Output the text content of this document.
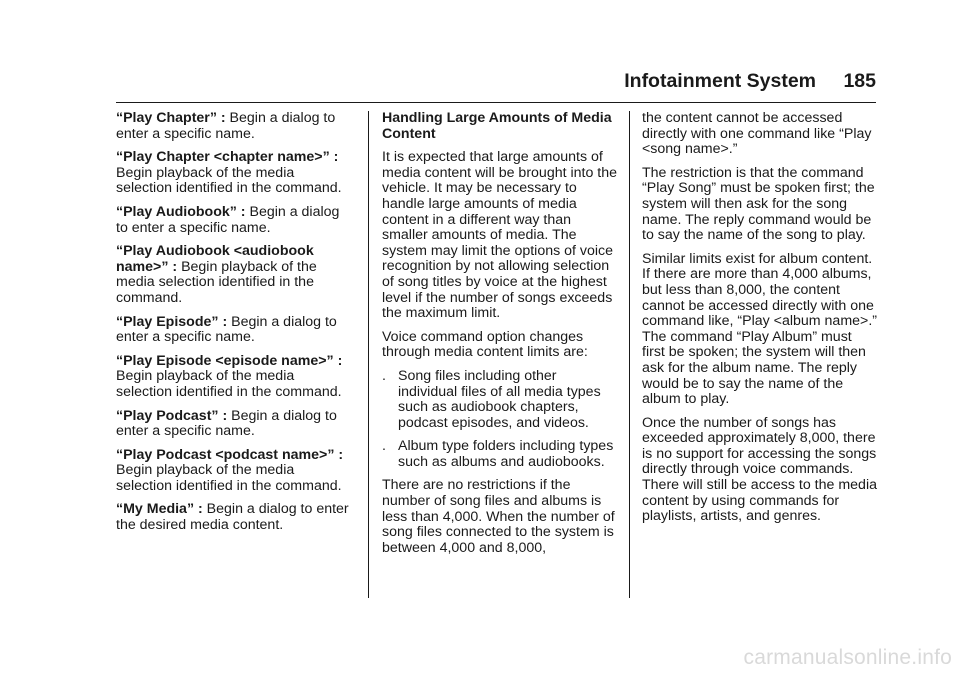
Infotainment System 185

“Play Chapter” : Begin a dialog to enter a specific name.

“Play Chapter <chapter name>” : Begin playback of the media selection identified in the command.

“Play Audiobook” : Begin a dialog to enter a specific name.

“Play Audiobook <audiobook name>” : Begin playback of the media selection identified in the command.

“Play Episode” : Begin a dialog to enter a specific name.

“Play Episode <episode name>” : Begin playback of the media selection identified in the command.

“Play Podcast” : Begin a dialog to enter a specific name.

“Play Podcast <podcast name>” : Begin playback of the media selection identified in the command.

“My Media” : Begin a dialog to enter the desired media content.

Handling Large Amounts of Media Content

It is expected that large amounts of media content will be brought into the vehicle. It may be necessary to handle large amounts of media content in a different way than smaller amounts of media. The system may limit the options of voice recognition by not allowing selection of song titles by voice at the highest level if the number of songs exceeds the maximum limit.

Voice command option changes through media content limits are:

. Song files including other individual files of all media types such as audiobook chapters, podcast episodes, and videos.
. Album type folders including types such as albums and audiobooks.

There are no restrictions if the number of song files and albums is less than 4,000. When the number of song files connected to the system is between 4,000 and 8,000,

the content cannot be accessed directly with one command like “Play <song name>.”

The restriction is that the command “Play Song” must be spoken first; the system will then ask for the song name. The reply command would be to say the name of the song to play.

Similar limits exist for album content. If there are more than 4,000 albums, but less than 8,000, the content cannot be accessed directly with one command like, “Play <album name>.” The command “Play Album” must first be spoken; the system will then ask for the album name. The reply would be to say the name of the album to play.

Once the number of songs has exceeded approximately 8,000, there is no support for accessing the songs directly through voice commands. There will still be access to the media content by using commands for playlists, artists, and genres.

carmanualsonline.info
